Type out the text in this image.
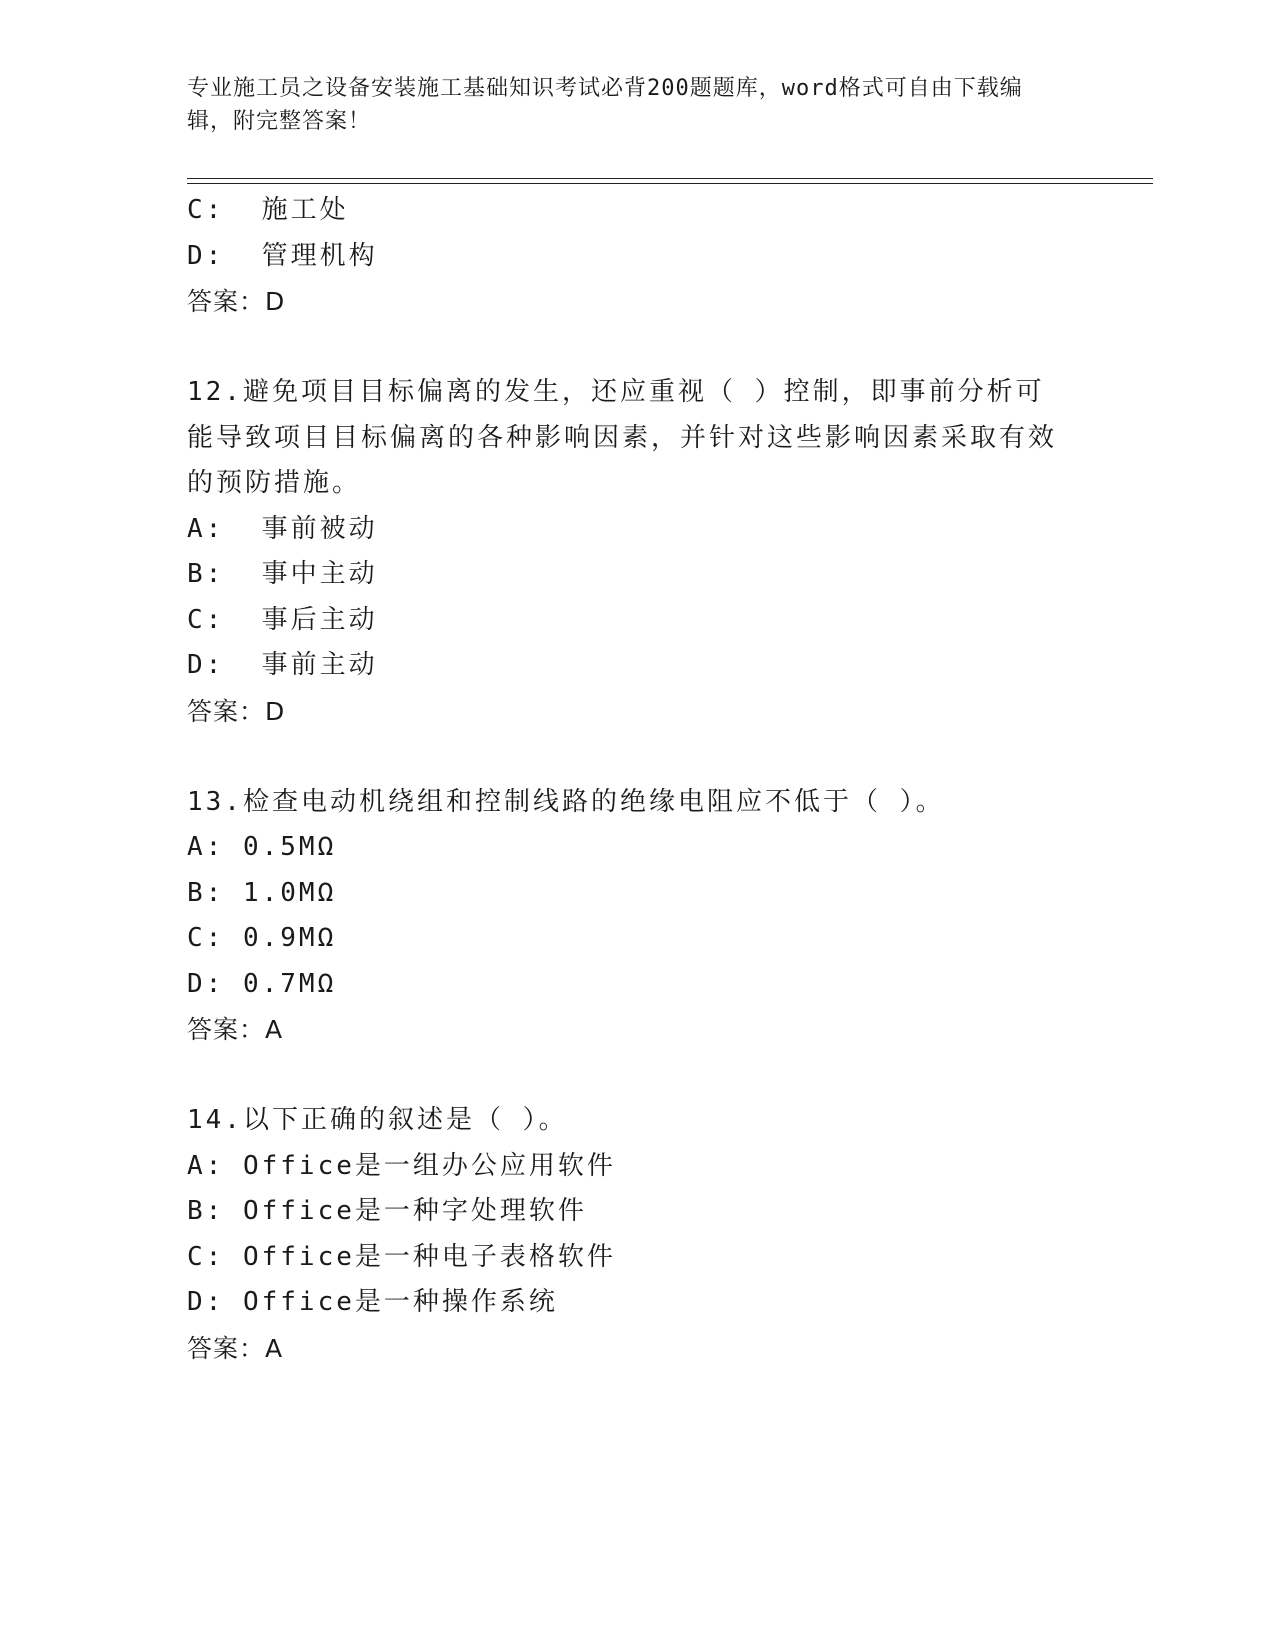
专业施工员之设备安装施工基础知识考试必背200题题库，word格式可自由下载编辑，附完整答案！
C:  施工处
D:  管理机构
答案：D
12.避免项目目标偏离的发生，还应重视（ ）控制，即事前分析可能导致项目目标偏离的各种影响因素，并针对这些影响因素采取有效的预防措施。
A:  事前被动
B:  事中主动
C:  事后主动
D:  事前主动
答案：D
13.检查电动机绕组和控制线路的绝缘电阻应不低于（ ）。
A: 0.5MΩ
B: 1.0MΩ
C: 0.9MΩ
D: 0.7MΩ
答案：A
14.以下正确的叙述是（ ）。
A: Office是一组办公应用软件
B: Office是一种字处理软件
C: Office是一种电子表格软件
D: Office是一种操作系统
答案：A
